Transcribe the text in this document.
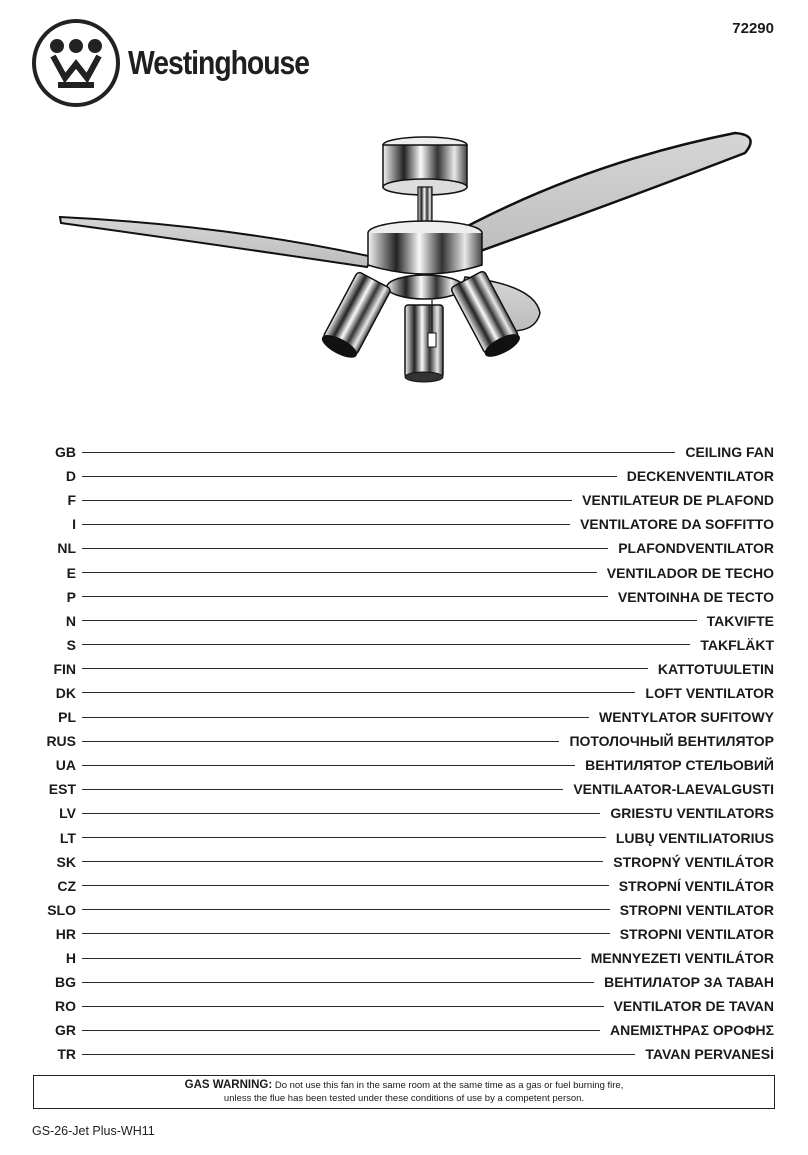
Westinghouse
72290
GB	CEILING FAN
D	DECKENVENTILATOR
F	VENTILATEUR DE PLAFOND
I	VENTILATORE DA SOFFITTO
NL	PLAFONDVENTILATOR
E	VENTILADOR DE TECHO
P	VENTOINHA DE TECTO
N	TAKVIFTE
S	TAKFLÄKT
FIN	KATTOTUULETIN
DK	LOFT VENTILATOR
PL	WENTYLATOR SUFITOWY
RUS	ПОТОЛОЧНЫЙ ВЕНТИЛЯТОР
UA	ВЕНТИЛЯТОР СТЕЛЬОВИЙ
EST	VENTILAATOR-LAEVALGUSTI
LV	GRIESTU VENTILATORS
LT	LUBŲ VENTILIATORIUS
SK	STROPNÝ VENTILÁTOR
CZ	STROPNÍ VENTILÁTOR
SLO	STROPNI VENTILATOR
HR	STROPNI VENTILATOR
H	MENNYEZETI VENTILÁTOR
BG	ВЕНТИЛАТОР ЗА ТАВАН
RO	VENTILATOR DE TAVAN
GR	ΑΝΕΜΙΣΤΗΡΑΣ ΟΡΟΦΗΣ
TR	TAVAN PERVANESİ
GAS WARNING: Do not use this fan in the same room at the same time as a gas or fuel burning fire,
unless the flue has been tested under these conditions of use by a competent person.
GS-26-Jet Plus-WH11
